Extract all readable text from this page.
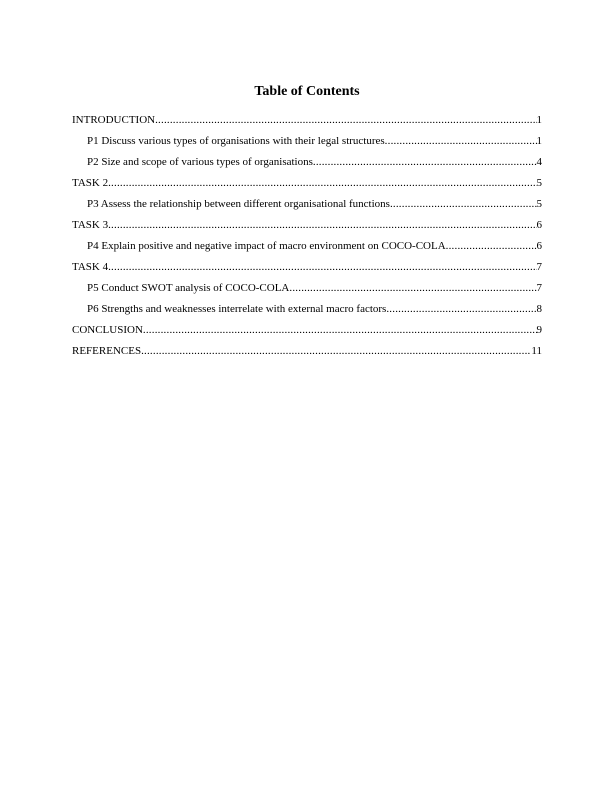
Table of Contents
INTRODUCTION .....	1
P1 Discuss various types of organisations with their legal structures .....	1
P2 Size and scope of various types of organisations .....	4
TASK 2 .....	5
P3 Assess the relationship between different organisational functions .....	5
TASK 3 .....	6
P4 Explain positive and negative impact of macro environment on COCO-COLA .....	6
TASK 4 .....	7
P5 Conduct SWOT analysis of COCO-COLA .....	7
P6 Strengths and weaknesses interrelate with external macro factors .....	8
CONCLUSION .....	9
REFERENCES .....	11
